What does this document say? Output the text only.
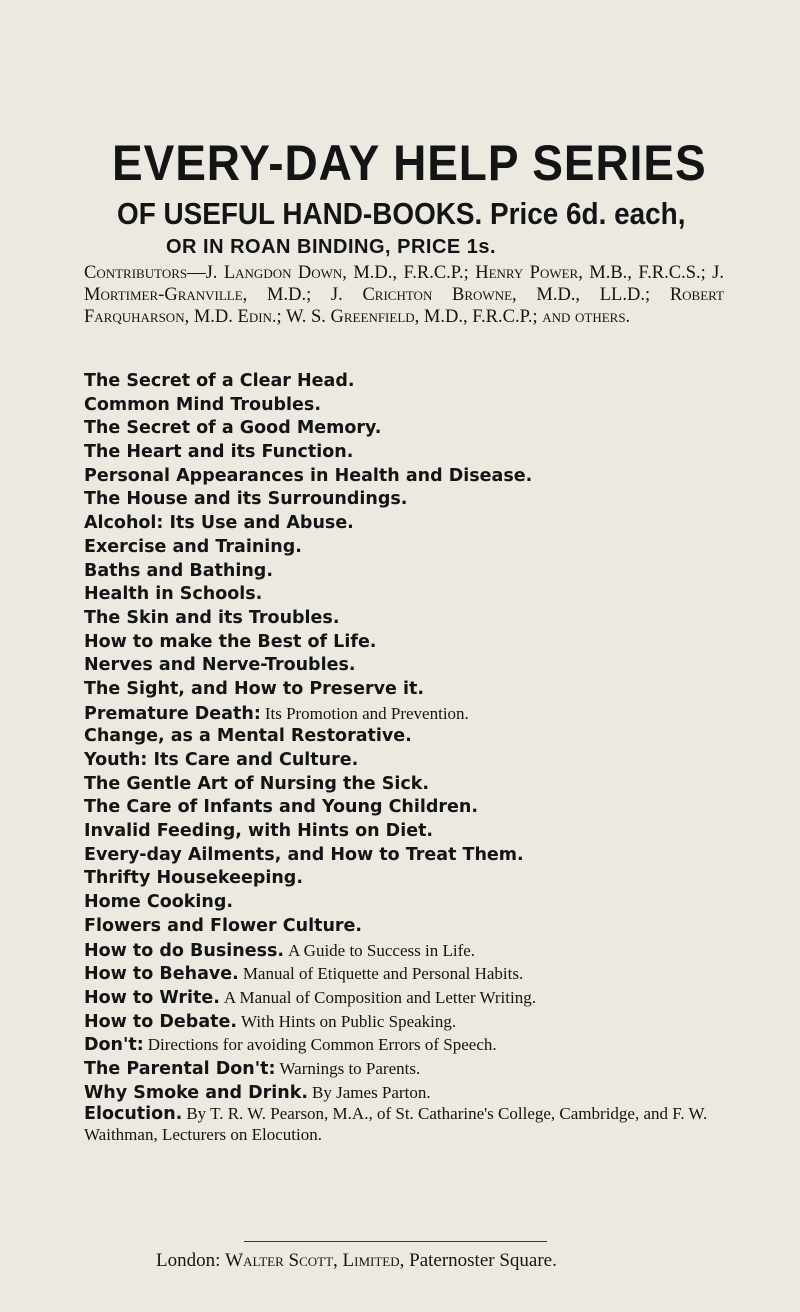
EVERY-DAY HELP SERIES
OF USEFUL HAND-BOOKS. Price 6d. each,
OR IN ROAN BINDING, PRICE 1s.
Contributors—J. Langdon Down, M.D., F.R.C.P.; Henry Power, M.B., F.R.C.S.; J. Mortimer-Granville, M.D.; J. Crichton Browne, M.D., LL.D.; Robert Farquharson, M.D. Edin.; W. S. Greenfield, M.D., F.R.C.P.; and others.
The Secret of a Clear Head.
Common Mind Troubles.
The Secret of a Good Memory.
The Heart and its Function.
Personal Appearances in Health and Disease.
The House and its Surroundings.
Alcohol: Its Use and Abuse.
Exercise and Training.
Baths and Bathing.
Health in Schools.
The Skin and its Troubles.
How to make the Best of Life.
Nerves and Nerve-Troubles.
The Sight, and How to Preserve it.
Premature Death: Its Promotion and Prevention.
Change, as a Mental Restorative.
Youth: Its Care and Culture.
The Gentle Art of Nursing the Sick.
The Care of Infants and Young Children.
Invalid Feeding, with Hints on Diet.
Every-day Ailments, and How to Treat Them.
Thrifty Housekeeping.
Home Cooking.
Flowers and Flower Culture.
How to do Business. A Guide to Success in Life.
How to Behave. Manual of Etiquette and Personal Habits.
How to Write. A Manual of Composition and Letter Writing.
How to Debate. With Hints on Public Speaking.
Don't: Directions for avoiding Common Errors of Speech.
The Parental Don't: Warnings to Parents.
Why Smoke and Drink. By James Parton.
Elocution. By T. R. W. Pearson, M.A., of St. Catharine's College, Cambridge, and F. W. Waithman, Lecturers on Elocution.
London: Walter Scott, Limited, Paternoster Square.
